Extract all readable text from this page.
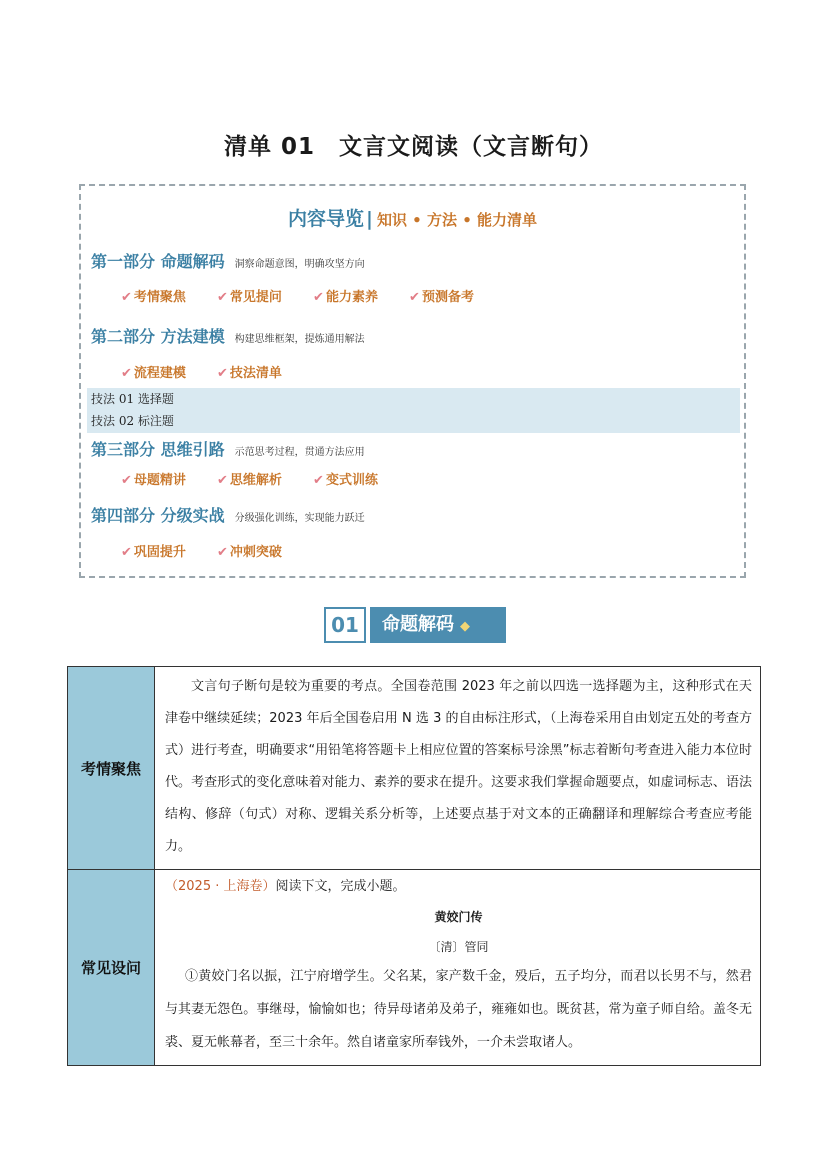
清单 01　文言文阅读（文言断句）
内容导览 | 知识 • 方法 • 能力清单
第一部分 命题解码 洞察命题意图，明确攻坚方向
✔ 考情聚焦 ✔ 常见提问 ✔ 能力素养 ✔ 预测备考
第二部分 方法建模 构建思维框架，提炼通用解法
✔ 流程建模 ✔ 技法清单
技法 01 选择题
技法 02 标注题
第三部分 思维引路 示范思考过程，贯通方法应用
✔ 母题精讲 ✔ 思维解析 ✔ 变式训练
第四部分 分级实战 分级强化训练，实现能力跃迁
✔ 巩固提升 ✔ 冲刺突破
01	命题解码 ◆
考情聚焦	文言句子断句是较为重要的考点。全国卷范围 2023 年之前以四选一选择题为主，这种形式在天津卷中继续延续；2023 年后全国卷启用 N 选 3 的自由标注形式，（上海卷采用自由划定五处的考查方式）进行考查，明确要求“用铅笔将答题卡上相应位置的答案标号涂黑”标志着断句考查进入能力本位时代。考查形式的变化意味着对能力、素养的要求在提升。这要求我们掌握命题要点，如虚词标志、语法结构、修辞（句式）对称、逻辑关系分析等，上述要点基于对文本的正确翻译和理解综合考查应考能力。

常见设问	（2025 · 上海卷）阅读下文，完成小题。
黄姣门传
〔清〕管同
①黄姣门名以振，江宁府增学生。父名某，家产数千金，殁后，五子均分，而君以长男不与，然君与其妻无怨色。事继母，愉愉如也；待异母诸弟及弟子，雍雍如也。既贫甚，常为童子师自给。盖冬无裘、夏无帐幕者，至三十余年。然自诸童家所奉钱外，一介未尝取诸人。
